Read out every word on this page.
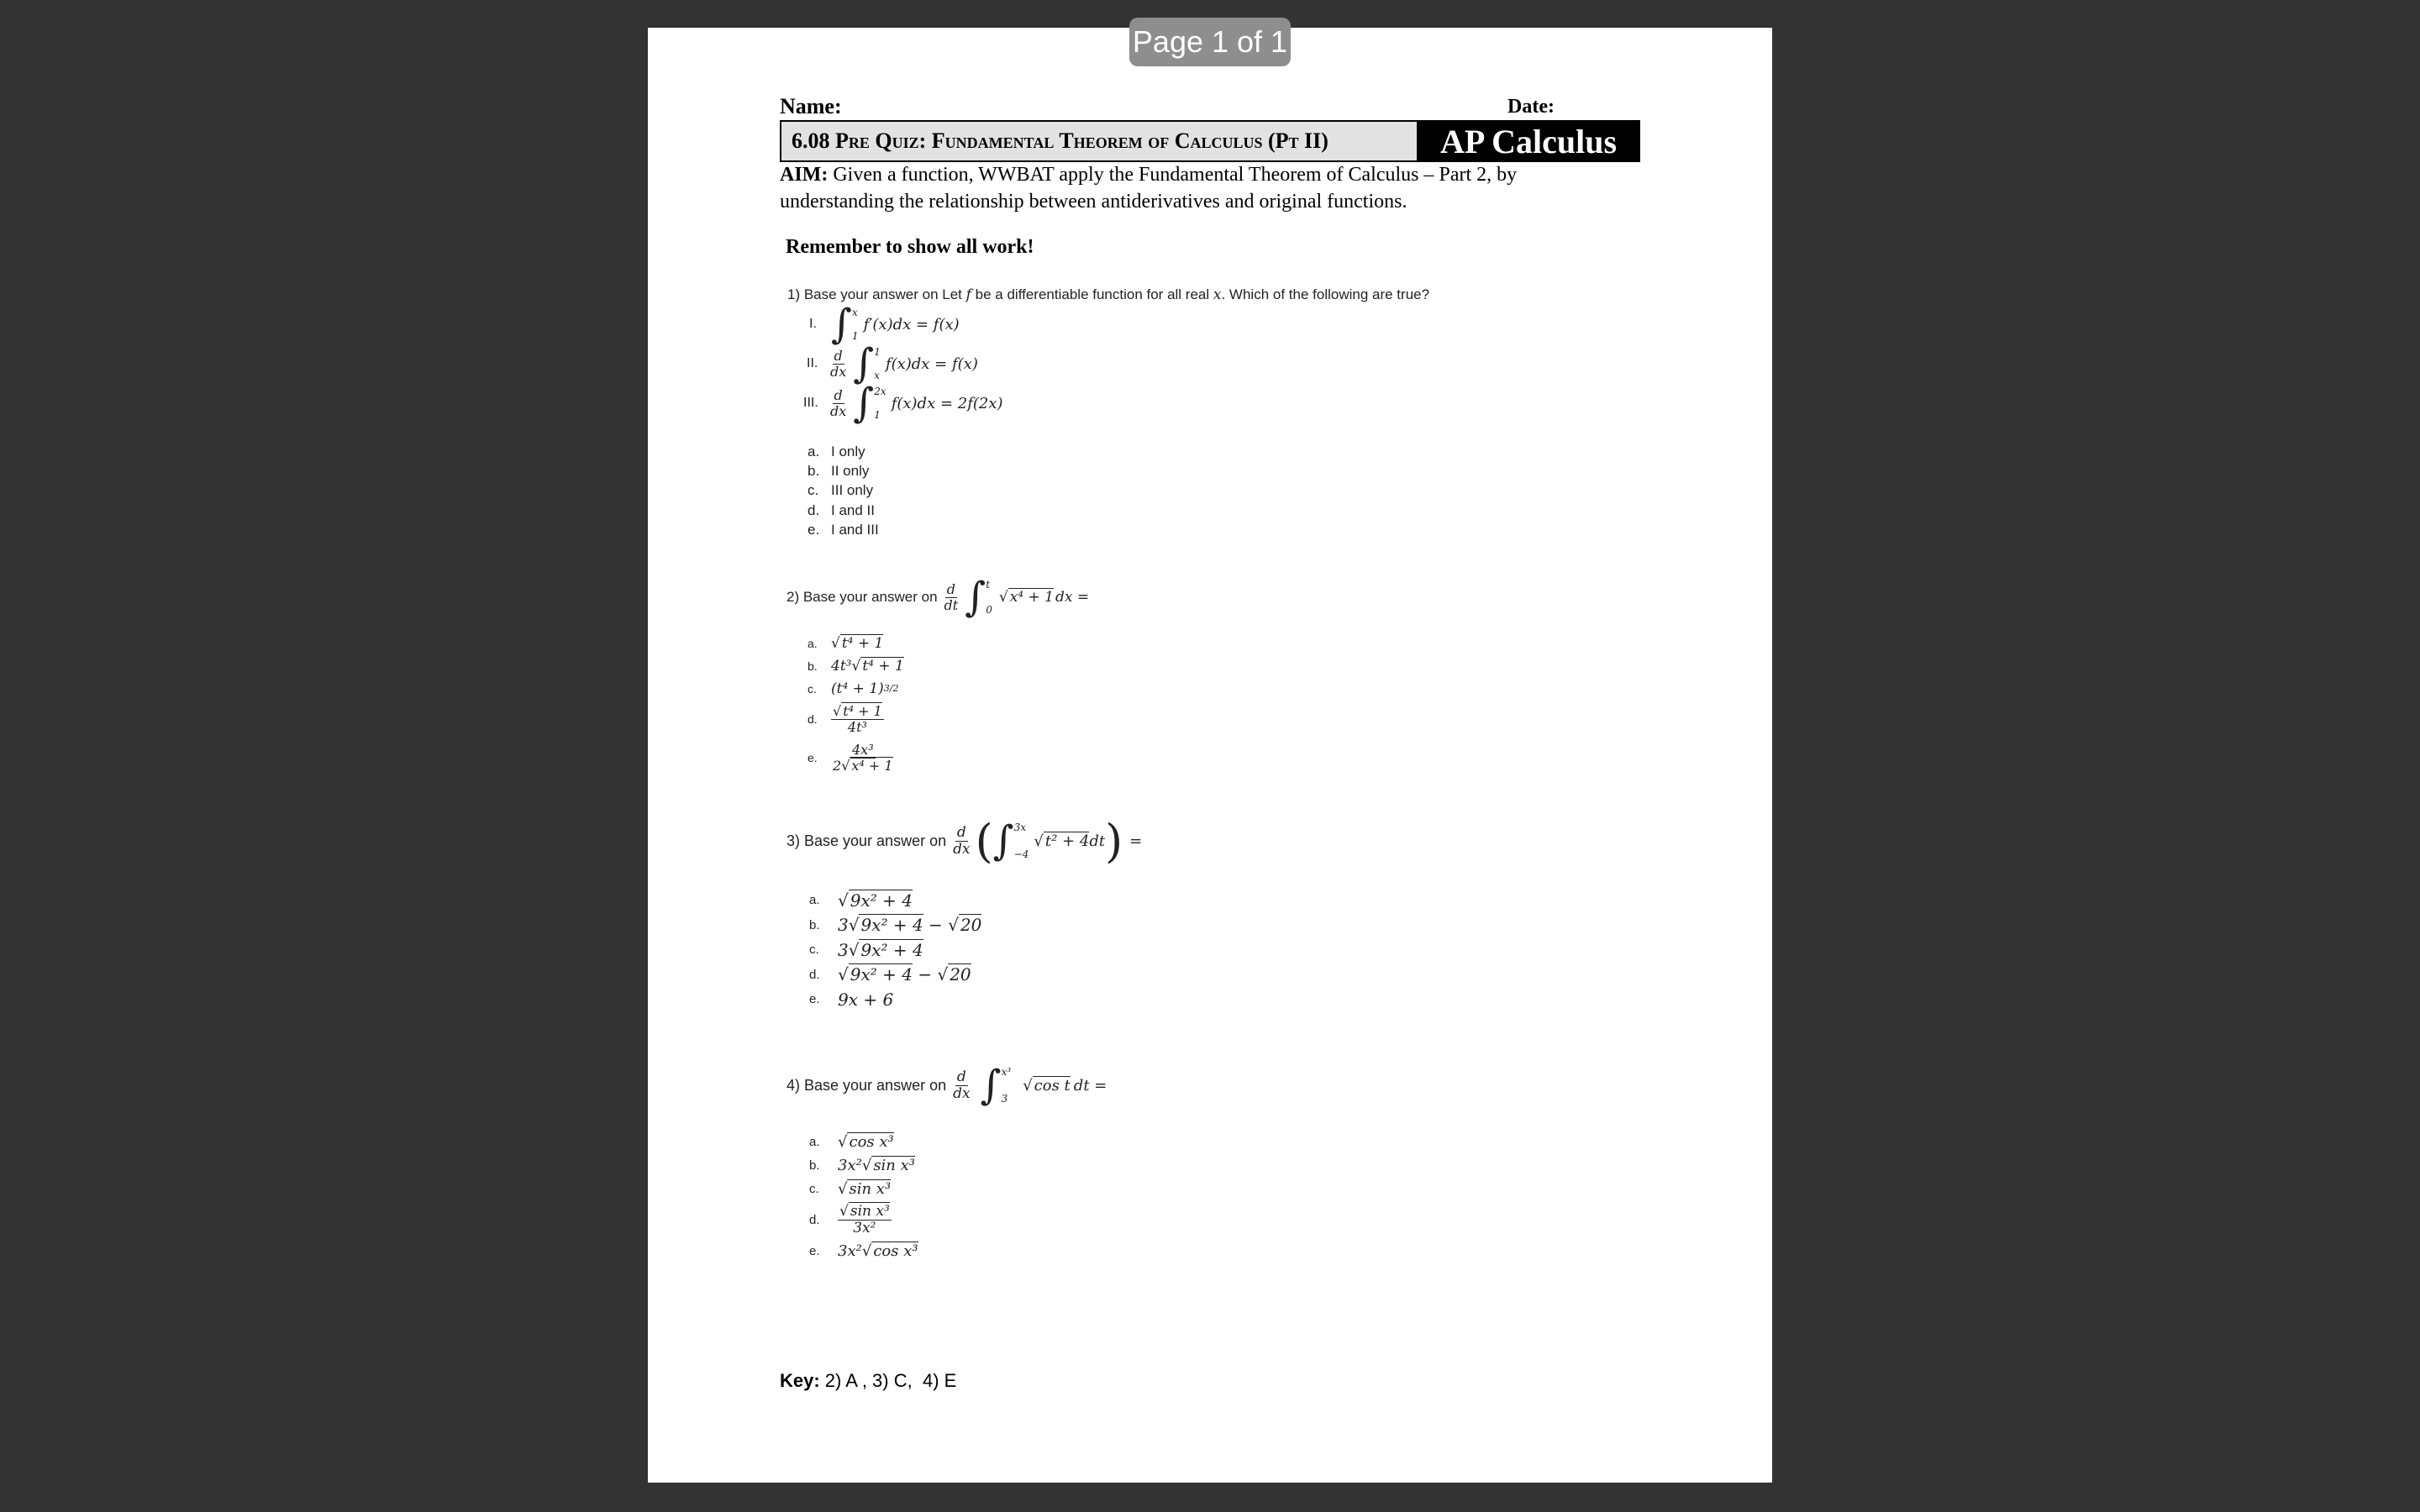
Page 1 of 1
Name:	Date:
6.08 Pre Quiz: Fundamental Theorem of Calculus (Pt II)	AP Calculus
AIM: Given a function, WWBAT apply the Fundamental Theorem of Calculus – Part 2, by
understanding the relationship between antiderivatives and original functions.
Remember to show all work!
1) Base your answer on Let f be a differentiable function for all real x. Which of the following are true?
I. ∫ x
1
f′(x)dx = f(x)
II. $\frac{d}{dx}$ ∫ 1
x
f(x)dx = f(x)
III. $\frac{d}{dx}$ ∫ 2x
1
f(x)dx = 2f(2x)
a. I only
b. II only
c. III only
d. I and II
e. I and III
2) Base your answer on $\frac{d}{dt}$ ∫ t
0
√ x⁴ + 1 dx =
a. √ t⁴ + 1
b. 4t³ √ t⁴ + 1
c.	(t⁴ + 1) 3/2
d.	$\frac{\text{√ t⁴ + 1}}{\text{4t³}}$
e.	$\frac{\text{4x³}}{\text{2√ x⁴ + 1}}$
3) Base your answer on $\frac{d}{dx}$ ( ∫ 3x
−4
√ t² + 4 dt ) =
a.	√ 9x² + 4
b.	3 √ 9x² + 4 − √ 20
c.	3 √ 9x² + 4
d.	√ 9x² + 4 − √ 20
e.	9x + 6
4) Base your answer on $\frac{d}{dx}$ ∫ x³
3
√ cos t dt =
a.	√ cos x³
b.	3x² √ sin x³
c.	√ sin x³
d.	$\frac{\text{√ sin x³}}{\text{3x²}}$
e.	3x² √ cos x³
Key: 2) A , 3) C,  4) E
